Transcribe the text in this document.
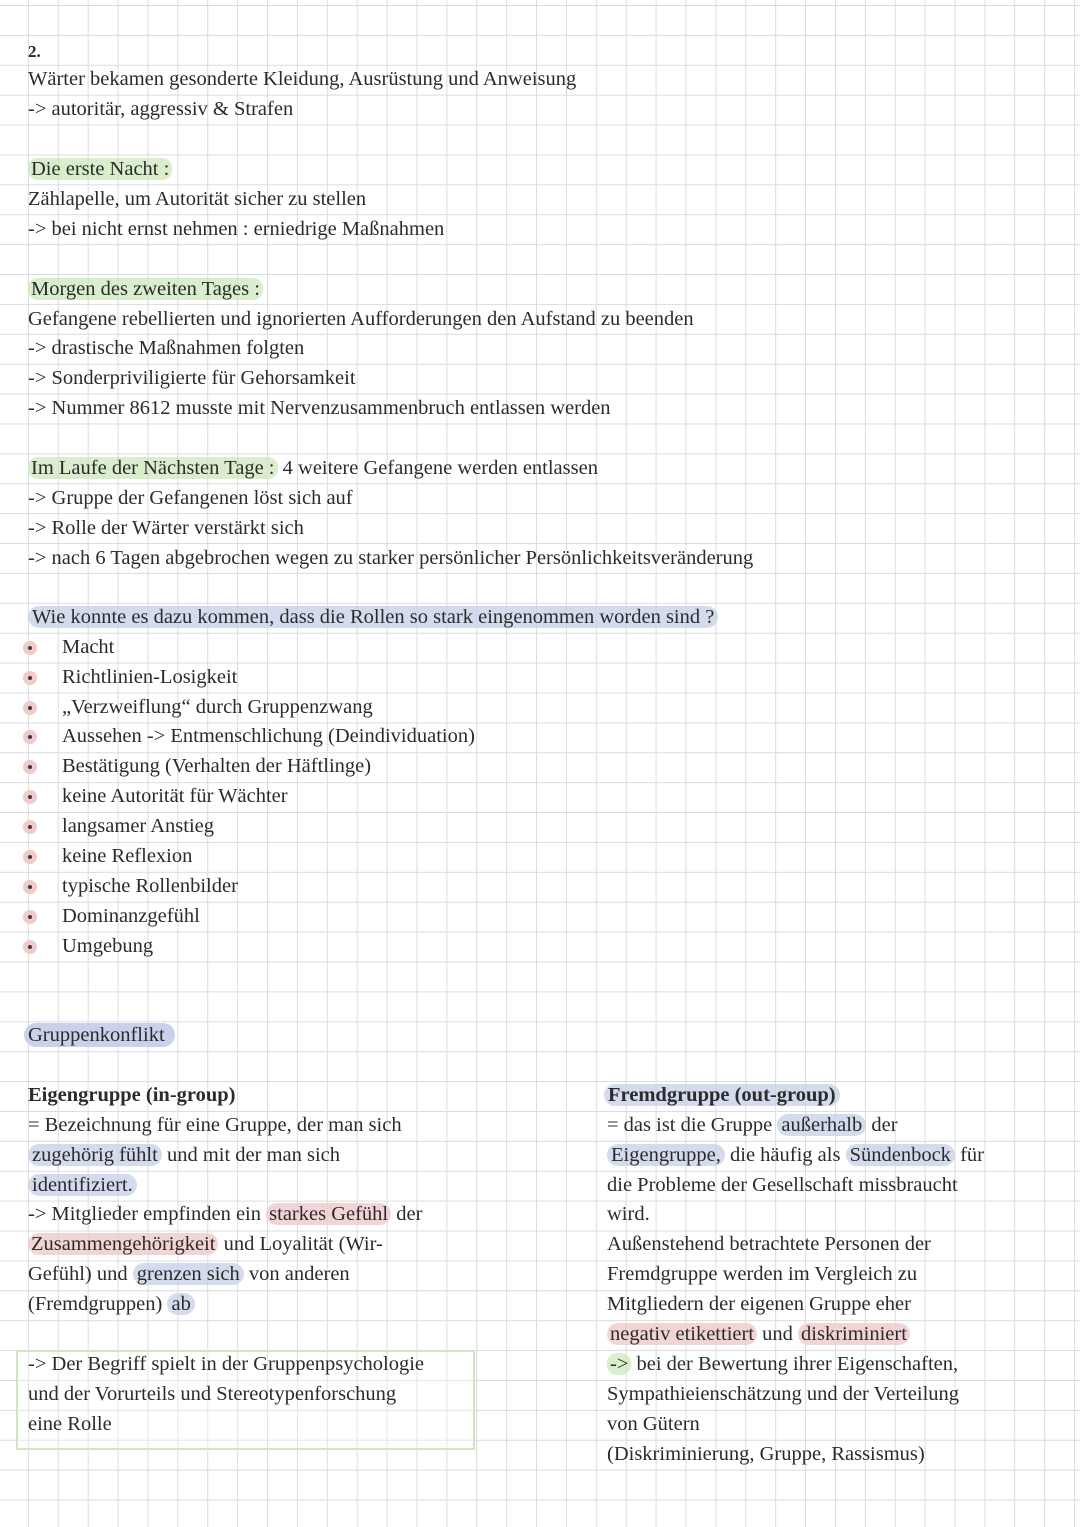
2.
Wärter bekamen gesonderte Kleidung, Ausrüstung und Anweisung
-> autoritär, aggressiv & Strafen
Die erste Nacht :
Zählapelle, um Autorität sicher zu stellen
-> bei nicht ernst nehmen : erniedrige Maßnahmen
Morgen des zweiten Tages :
Gefangene rebellierten und ignorierten Aufforderungen den Aufstand zu beenden
-> drastische Maßnahmen folgten
-> Sonderpriviligierte für Gehorsamkeit
-> Nummer 8612 musste mit Nervenzusammenbruch entlassen werden
Im Laufe der Nächsten Tage : 4 weitere Gefangene werden entlassen
-> Gruppe der Gefangenen löst sich auf
-> Rolle der Wärter verstärkt sich
-> nach 6 Tagen abgebrochen wegen zu starker persönlicher Persönlichkeitsveränderung
Wie konnte es dazu kommen, dass die Rollen so stark eingenommen worden sind ?
Macht
Richtlinien-Losigkeit
„Verzweiflung“ durch Gruppenzwang
Aussehen -> Entmenschlichung (Deindividuation)
Bestätigung (Verhalten der Häftlinge)
keine Autorität für Wächter
langsamer Anstieg
keine Reflexion
typische Rollenbilder
Dominanzgefühl
Umgebung
Gruppenkonflikt
Eigengruppe (in-group)
= Bezeichnung für eine Gruppe, der man sich
zugehörig fühlt und mit der man sich
identifiziert.
-> Mitglieder empfinden ein starkes Gefühl der
Zusammengehörigkeit und Loyalität (Wir-
Gefühl) und grenzen sich von anderen
(Fremdgruppen) ab
-> Der Begriff spielt in der Gruppenpsychologie
und der Vorurteils und Stereotypenforschung
eine Rolle
Fremdgruppe (out-group)
= das ist die Gruppe außerhalb der
Eigengruppe, die häufig als Sündenbock für
die Probleme der Gesellschaft missbraucht
wird.
Außenstehend betrachtete Personen der
Fremdgruppe werden im Vergleich zu
Mitgliedern der eigenen Gruppe eher
negativ etikettiert und diskriminiert
-> bei der Bewertung ihrer Eigenschaften,
Sympathieienschätzung und der Verteilung
von Gütern
(Diskriminierung, Gruppe, Rassismus)
